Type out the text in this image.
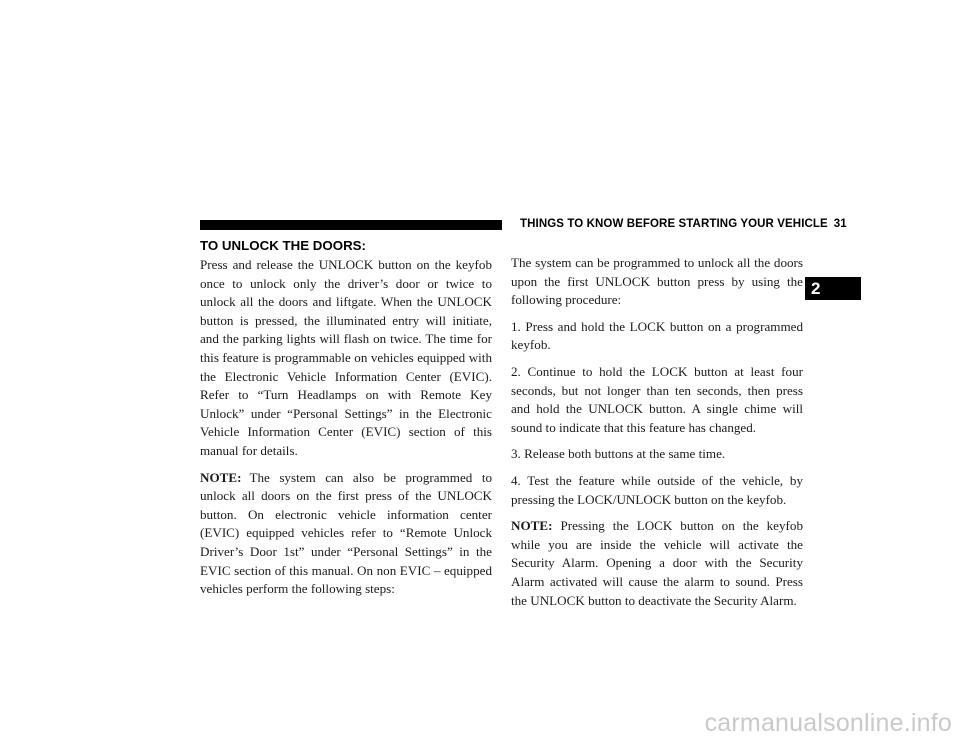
THINGS TO KNOW BEFORE STARTING YOUR VEHICLE 31
TO UNLOCK THE DOORS:

Press and release the UNLOCK button on the keyfob once to unlock only the driver’s door or twice to unlock all the doors and liftgate. When the UNLOCK button is pressed, the illuminated entry will initiate, and the parking lights will flash on twice. The time for this feature is programmable on vehicles equipped with the Electronic Vehicle Information Center (EVIC). Refer to “Turn Headlamps on with Remote Key Unlock” under “Personal Settings” in the Electronic Vehicle Information Center (EVIC) section of this manual for details.

NOTE: The system can also be programmed to unlock all doors on the first press of the UNLOCK button. On electronic vehicle information center (EVIC) equipped vehicles refer to “Remote Unlock Driver’s Door 1st” under “Personal Settings” in the EVIC section of this manual. On non EVIC – equipped vehicles perform the following steps:

The system can be programmed to unlock all the doors upon the first UNLOCK button press by using the following procedure:

1. Press and hold the LOCK button on a programmed keyfob.

2. Continue to hold the LOCK button at least four seconds, but not longer than ten seconds, then press and hold the UNLOCK button. A single chime will sound to indicate that this feature has changed.

3. Release both buttons at the same time.

4. Test the feature while outside of the vehicle, by pressing the LOCK/UNLOCK button on the keyfob.

NOTE: Pressing the LOCK button on the keyfob while you are inside the vehicle will activate the Security Alarm. Opening a door with the Security Alarm activated will cause the alarm to sound. Press the UNLOCK button to deactivate the Security Alarm.

2
carmanualsonline.info
